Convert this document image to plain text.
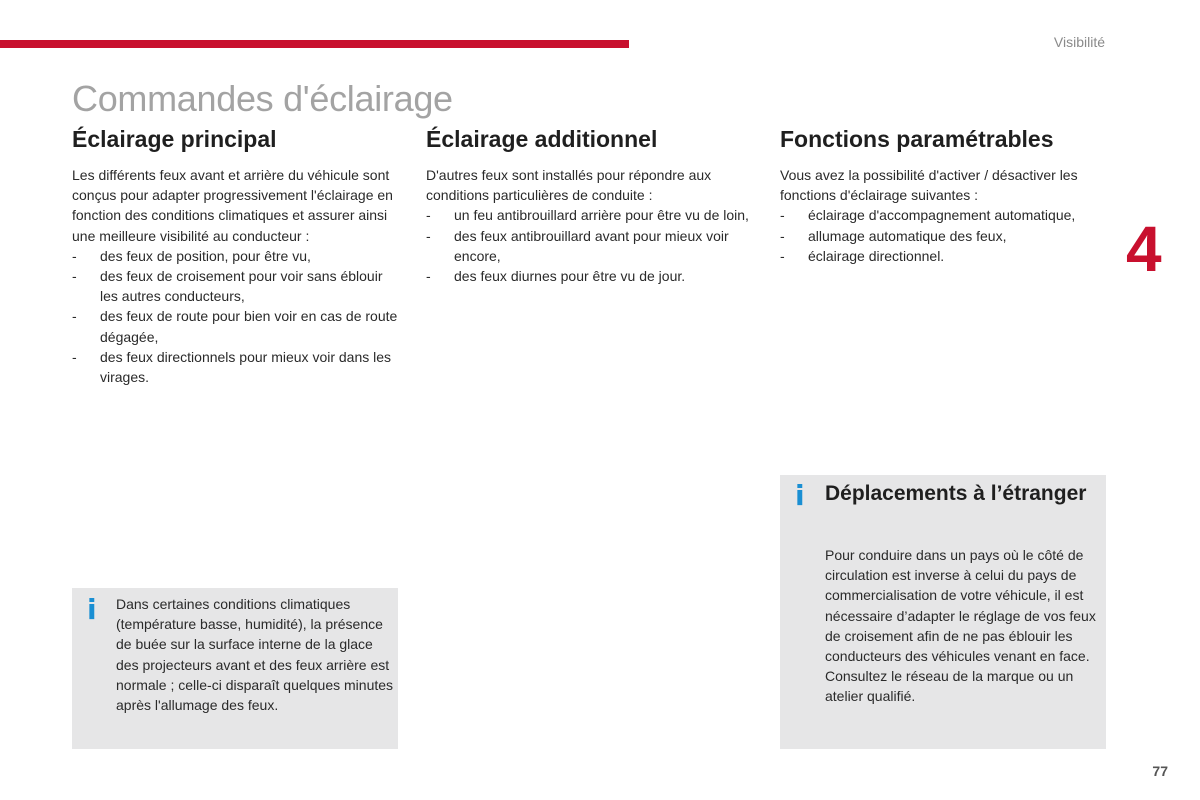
Visibilité
Commandes d'éclairage
Éclairage principal

Les différents feux avant et arrière du véhicule sont conçus pour adapter progressivement l'éclairage en fonction des conditions climatiques et assurer ainsi une meilleure visibilité au conducteur :

- des feux de position, pour être vu,
- des feux de croisement pour voir sans éblouir les autres conducteurs,
- des feux de route pour bien voir en cas de route dégagée,
- des feux directionnels pour mieux voir dans les virages.
Éclairage additionnel

D'autres feux sont installés pour répondre aux conditions particulières de conduite :

- un feu antibrouillard arrière pour être vu de loin,
- des feux antibrouillard avant pour mieux voir encore,
- des feux diurnes pour être vu de jour.
Fonctions paramétrables

Vous avez la possibilité d'activer / désactiver les fonctions d'éclairage suivantes :

- éclairage d'accompagnement automatique,
- allumage automatique des feux,
- éclairage directionnel.	4
i Dans certaines conditions climatiques (température basse, humidité), la présence de buée sur la surface interne de la glace des projecteurs avant et des feux arrière est normale ; celle-ci disparaît quelques minutes après l'allumage des feux.

i Déplacements à l’étranger

Pour conduire dans un pays où le côté de circulation est inverse à celui du pays de commercialisation de votre véhicule, il est nécessaire d’adapter le réglage de vos feux de croisement afin de ne pas éblouir les conducteurs des véhicules venant en face.
Consultez le réseau de la marque ou un atelier qualifié.
77
